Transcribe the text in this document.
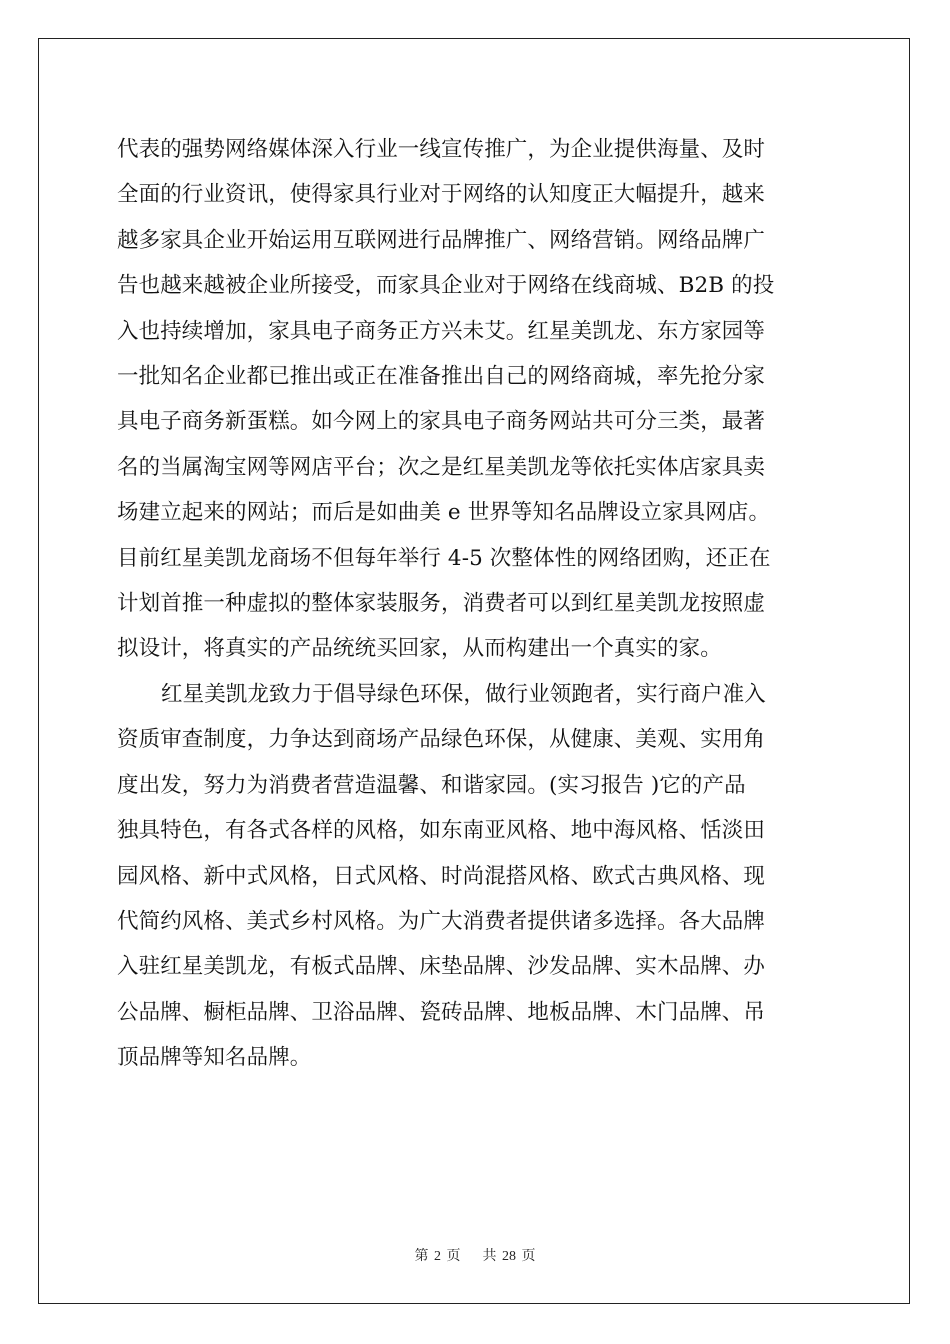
代表的强势网络媒体深入行业一线宣传推广，为企业提供海量、及时
全面的行业资讯，使得家具行业对于网络的认知度正大幅提升，越来
越多家具企业开始运用互联网进行品牌推广、网络营销。网络品牌广
告也越来越被企业所接受，而家具企业对于网络在线商城、B2B 的投
入也持续增加，家具电子商务正方兴未艾。红星美凯龙、东方家园等
一批知名企业都已推出或正在准备推出自己的网络商城，率先抢分家
具电子商务新蛋糕。如今网上的家具电子商务网站共可分三类，最著
名的当属淘宝网等网店平台；次之是红星美凯龙等依托实体店家具卖
场建立起来的网站；而后是如曲美 e 世界等知名品牌设立家具网店。
目前红星美凯龙商场不但每年举行 4-5 次整体性的网络团购，还正在
计划首推一种虚拟的整体家装服务，消费者可以到红星美凯龙按照虚
拟设计，将真实的产品统统买回家，从而构建出一个真实的家。

红星美凯龙致力于倡导绿色环保，做行业领跑者，实行商户准入
资质审查制度，力争达到商场产品绿色环保，从健康、美观、实用角
度出发，努力为消费者营造温馨、和谐家园。(实习报告 )它的产品
独具特色，有各式各样的风格，如东南亚风格、地中海风格、恬淡田
园风格、新中式风格，日式风格、时尚混搭风格、欧式古典风格、现
代简约风格、美式乡村风格。为广大消费者提供诸多选择。各大品牌
入驻红星美凯龙，有板式品牌、床垫品牌、沙发品牌、实木品牌、办
公品牌、橱柜品牌、卫浴品牌、瓷砖品牌、地板品牌、木门品牌、吊
顶品牌等知名品牌。

第 2 页 共 28 页
